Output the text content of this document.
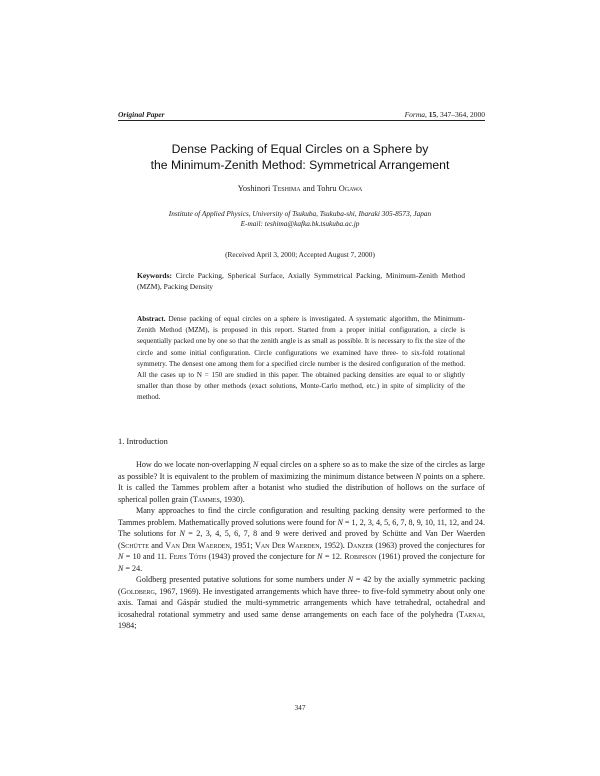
Original Paper	Forma, 15, 347–364, 2000
Dense Packing of Equal Circles on a Sphere by
the Minimum-Zenith Method: Symmetrical Arrangement
Yoshinori Teshima and Tohru Ogawa
Institute of Applied Physics, University of Tsukuba, Tsukuba-shi, Ibaraki 305-8573, Japan
E-mail: teshima@kafka.bk.tsukuba.ac.jp
(Received April 3, 2000; Accepted August 7, 2000)
Keywords: Circle Packing, Spherical Surface, Axially Symmetrical Packing, Minimum-Zenith Method (MZM), Packing Density
Abstract. Dense packing of equal circles on a sphere is investigated. A systematic algorithm, the Minimum-Zenith Method (MZM), is proposed in this report. Started from a proper initial configuration, a circle is sequentially packed one by one so that the zenith angle is as small as possible. It is necessary to fix the size of the circle and some initial configuration. Circle configurations we examined have three- to six-fold rotational symmetry. The densest one among them for a specified circle number is the desired configuration of the method. All the cases up to N = 150 are studied in this paper. The obtained packing densities are equal to or slightly smaller than those by other methods (exact solutions, Monte-Carlo method, etc.) in spite of simplicity of the method.
1. Introduction

How do we locate non-overlapping N equal circles on a sphere so as to make the size of the circles as large as possible? It is equivalent to the problem of maximizing the minimum distance between N points on a sphere. It is called the Tammes problem after a botanist who studied the distribution of hollows on the surface of spherical pollen grain (Tammes, 1930).

Many approaches to find the circle configuration and resulting packing density were performed to the Tammes problem. Mathematically proved solutions were found for N = 1, 2, 3, 4, 5, 6, 7, 8, 9, 10, 11, 12, and 24. The solutions for N = 2, 3, 4, 5, 6, 7, 8 and 9 were derived and proved by Schütte and Van Der Waerden (Schütte and Van Der Waerden, 1951; Van Der Waerden, 1952). Danzer (1963) proved the conjectures for N = 10 and 11. Fejes Tóth (1943) proved the conjecture for N = 12. Robinson (1961) proved the conjecture for N = 24.

Goldberg presented putative solutions for some numbers under N = 42 by the axially symmetric packing (Goldberg, 1967, 1969). He investigated arrangements which have three- to five-fold symmetry about only one axis. Tamai and Gáspár studied the multi-symmetric arrangements which have tetrahedral, octahedral and icosahedral rotational symmetry and used same dense arrangements on each face of the polyhedra (Tarnai, 1984;

347
